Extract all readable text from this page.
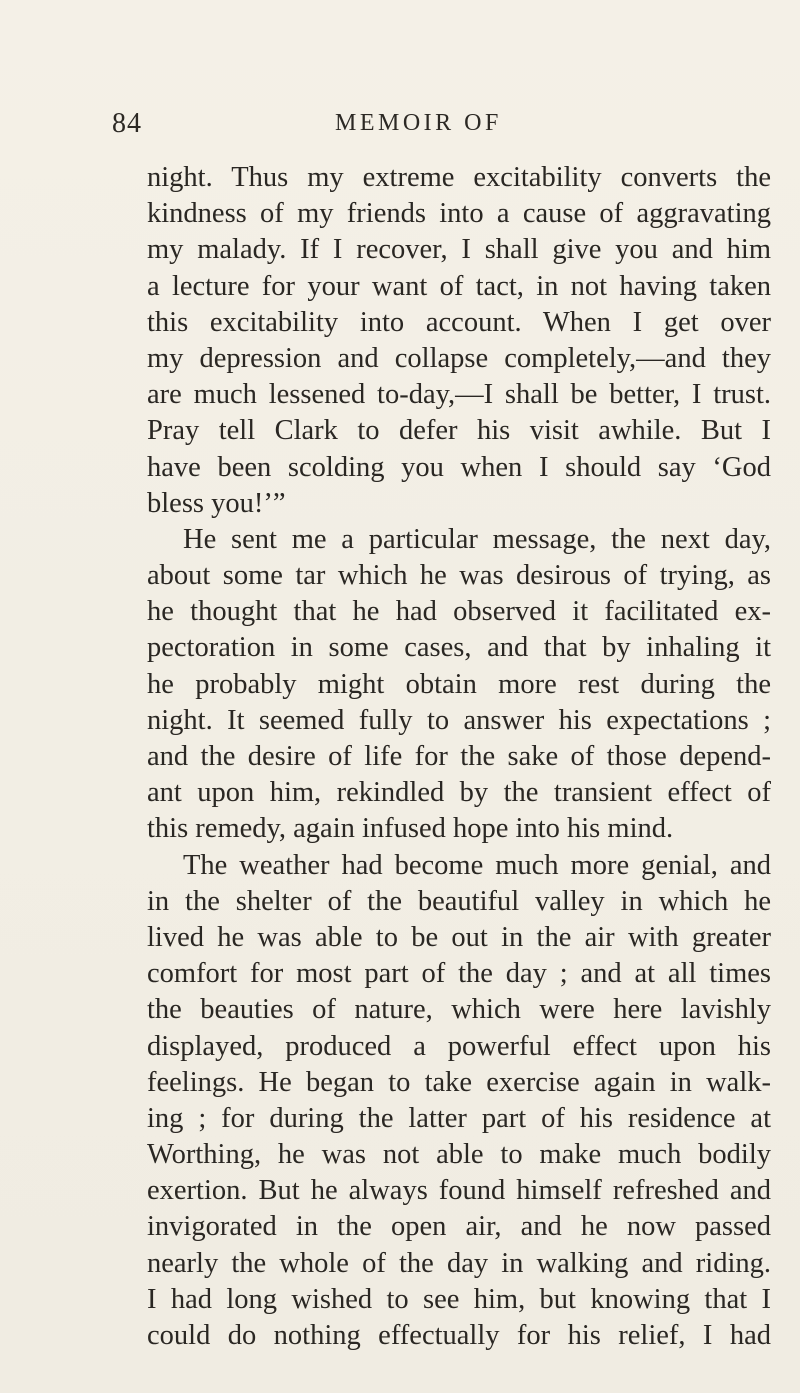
84	MEMOIR OF
night. Thus my extreme excitability converts the
kindness of my friends into a cause of aggravating
my malady. If I recover, I shall give you and him
a lecture for your want of tact, in not having taken
this excitability into account. When I get over
my depression and collapse completely,—and they
are much lessened to-day,—I shall be better, I trust.
Pray tell Clark to defer his visit awhile. But I
have been scolding you when I should say ‘God
bless you!’”
He sent me a particular message, the next day,
about some tar which he was desirous of trying, as
he thought that he had observed it facilitated ex-
pectoration in some cases, and that by inhaling it
he probably might obtain more rest during the
night. It seemed fully to answer his expectations ;
and the desire of life for the sake of those depend-
ant upon him, rekindled by the transient effect of
this remedy, again infused hope into his mind.
The weather had become much more genial, and
in the shelter of the beautiful valley in which he
lived he was able to be out in the air with greater
comfort for most part of the day ; and at all times
the beauties of nature, which were here lavishly
displayed, produced a powerful effect upon his
feelings. He began to take exercise again in walk-
ing ; for during the latter part of his residence at
Worthing, he was not able to make much bodily
exertion. But he always found himself refreshed and
invigorated in the open air, and he now passed
nearly the whole of the day in walking and riding.
I had long wished to see him, but knowing that I
could do nothing effectually for his relief, I had
